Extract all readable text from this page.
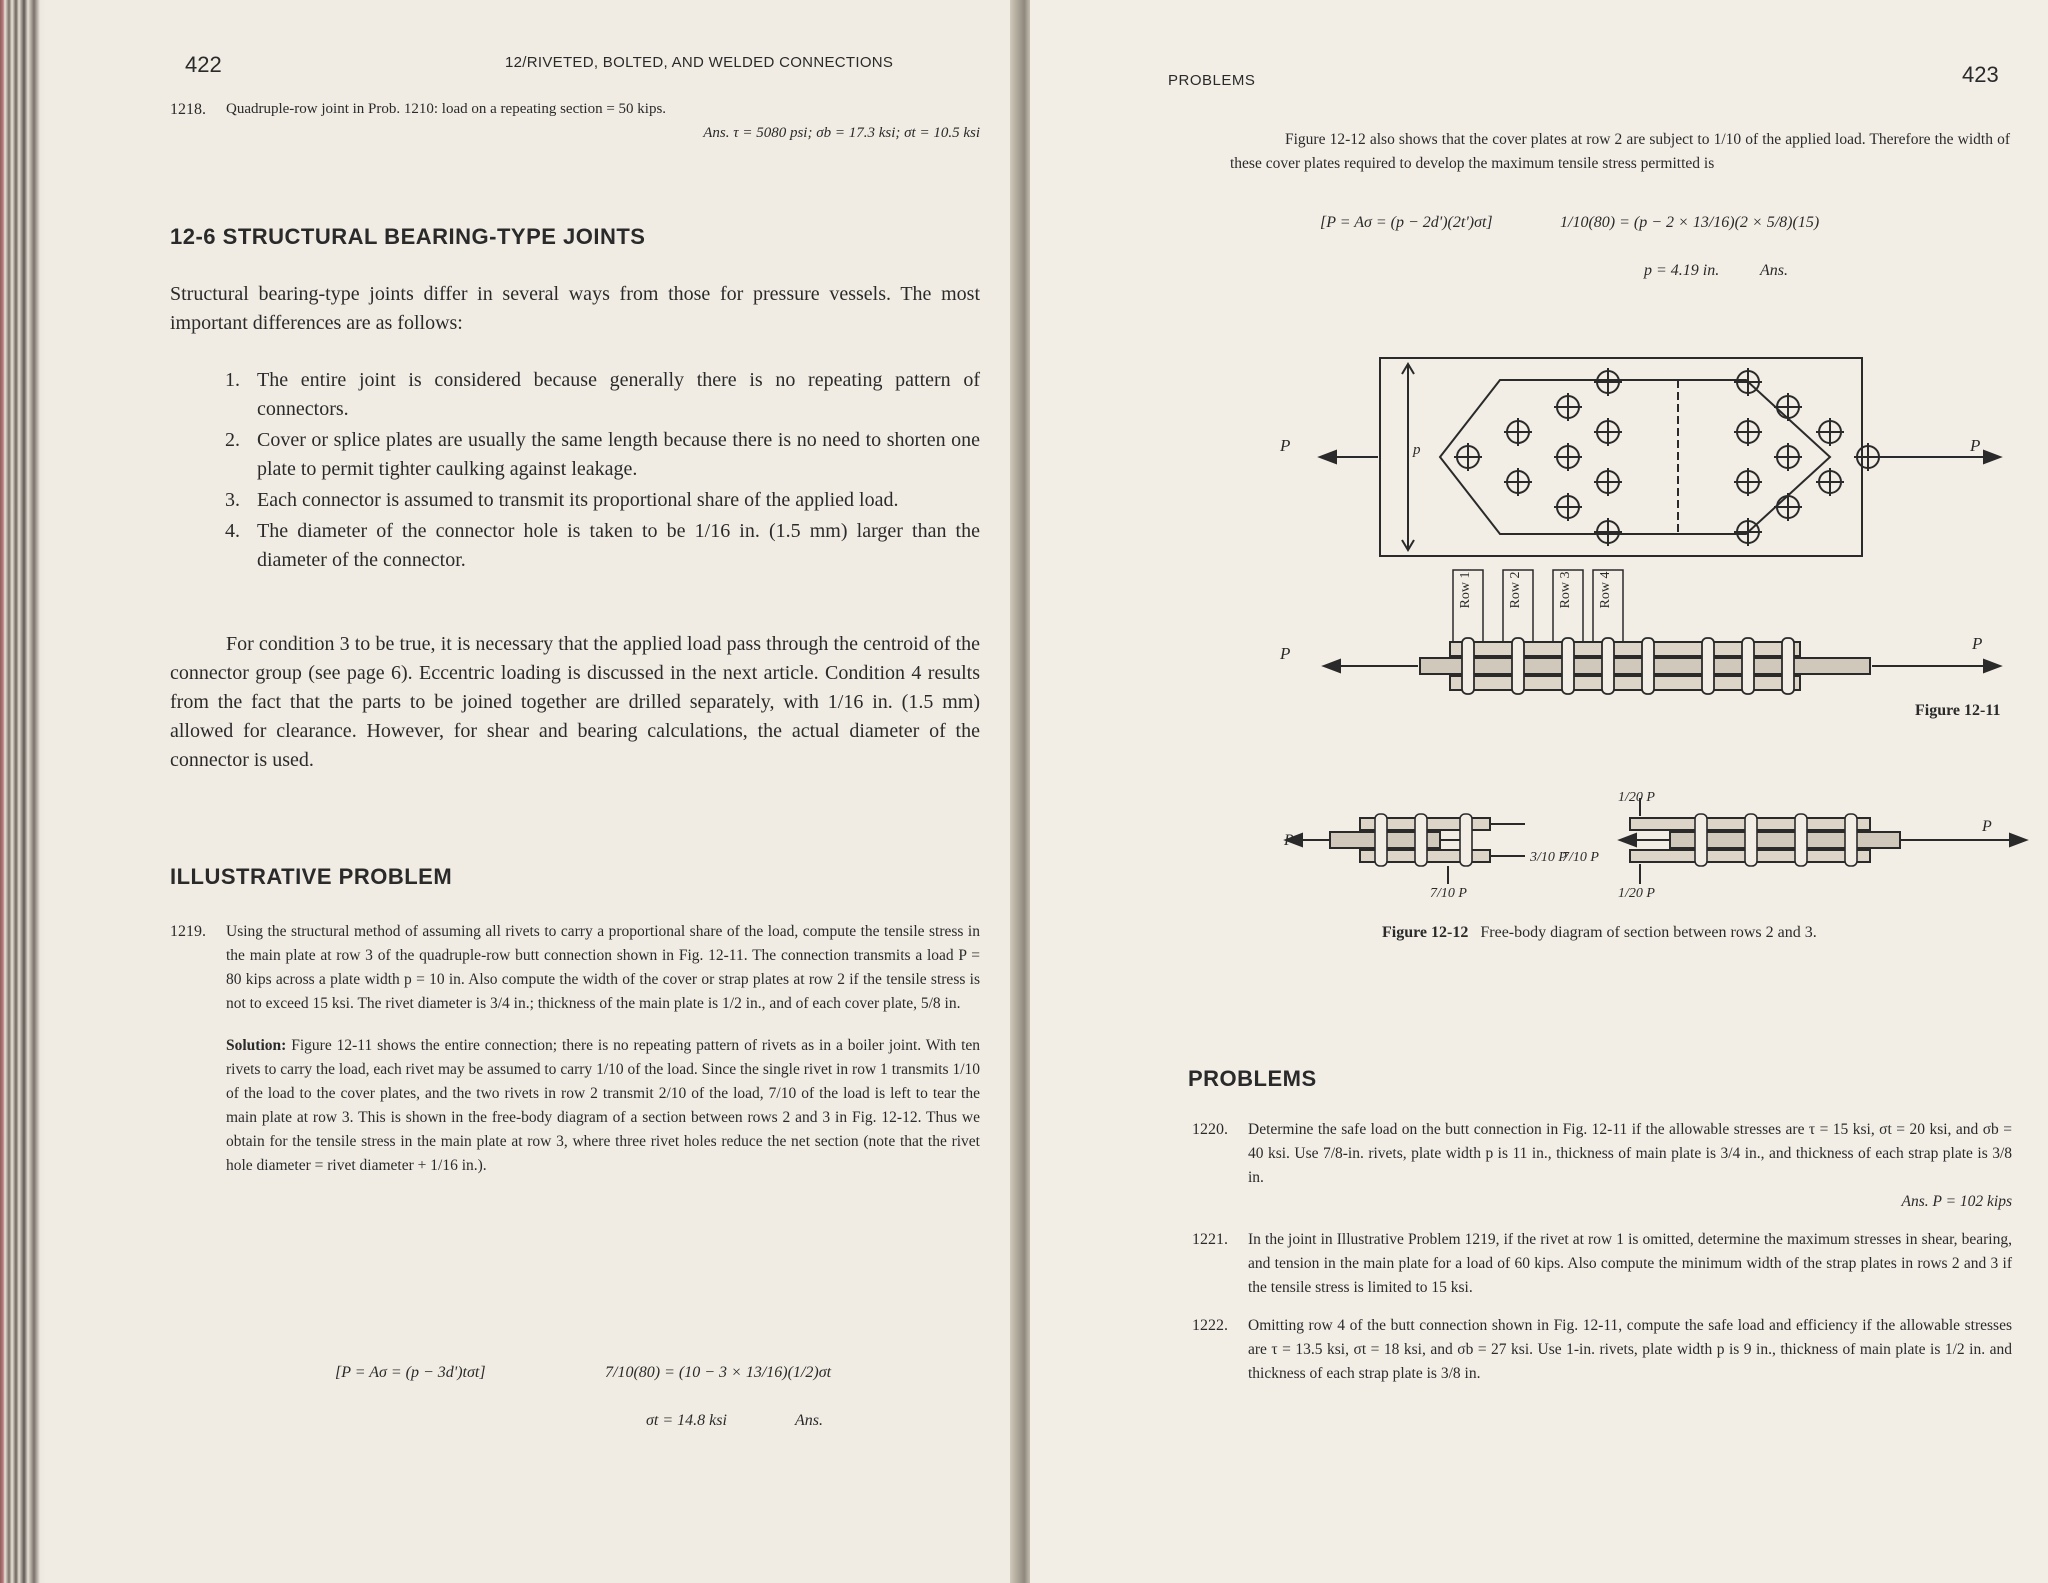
422	12/RIVETED, BOLTED, AND WELDED CONNECTIONS
1218.	Quadruple-row joint in Prob. 1210: load on a repeating section = 50 kips.
Ans. τ = 5080 psi; σb = 17.3 ksi; σt = 10.5 ksi
12-6 STRUCTURAL BEARING-TYPE JOINTS
Structural bearing-type joints differ in several ways from those for pressure vessels. The most important differences are as follows:
1. The entire joint is considered because generally there is no repeating pattern of connectors.
2. Cover or splice plates are usually the same length because there is no need to shorten one plate to permit tighter caulking against leakage.
3. Each connector is assumed to transmit its proportional share of the applied load.
4. The diameter of the connector hole is taken to be 1/16 in. (1.5 mm) larger than the diameter of the connector.
For condition 3 to be true, it is necessary that the applied load pass through the centroid of the connector group (see page 6). Eccentric loading is discussed in the next article. Condition 4 results from the fact that the parts to be joined together are drilled separately, with 1/16 in. (1.5 mm) allowed for clearance. However, for shear and bearing calculations, the actual diameter of the connector is used.
ILLUSTRATIVE PROBLEM
1219.	Using the structural method of assuming all rivets to carry a proportional share of the load, compute the tensile stress in the main plate at row 3 of the quadruple-row butt connection shown in Fig. 12-11. The connection transmits a load P = 80 kips across a plate width p = 10 in. Also compute the width of the cover or strap plates at row 2 if the tensile stress is not to exceed 15 ksi. The rivet diameter is 3/4 in.; thickness of the main plate is 1/2 in., and of each cover plate, 5/8 in.
Solution: Figure 12-11 shows the entire connection; there is no repeating pattern of rivets as in a boiler joint. With ten rivets to carry the load, each rivet may be assumed to carry 1/10 of the load. Since the single rivet in row 1 transmits 1/10 of the load to the cover plates, and the two rivets in row 2 transmit 2/10 of the load, 7/10 of the load is left to tear the main plate at row 3. This is shown in the free-body diagram of a section between rows 2 and 3 in Fig. 12-12. Thus we obtain for the tensile stress in the main plate at row 3, where three rivet holes reduce the net section (note that the rivet hole diameter = rivet diameter + 1/16 in.).
[P = Aσ = (p − 3d')tσt]	7/10(80) = (10 − 3 × 13/16)(1/2)σt
σt = 14.8 ksi	Ans.
PROBLEMS	423
Figure 12-12 also shows that the cover plates at row 2 are subject to 1/10 of the applied load. Therefore the width of these cover plates required to develop the maximum tensile stress permitted is
[P = Aσ = (p − 2d')(2t')σt]	1/10(80) = (p − 2 × 13/16)(2 × 5/8)(15)
p = 4.19 in.	Ans.
P	P
p
P
P
Row 1	Row 2	Row 3	Row 4
Figure 12-11
P
3/10 P
7/10 P
1/20 P
7/10 P
1/20 P
P
Figure 12-12 Free-body diagram of section between rows 2 and 3.
PROBLEMS
1220.	Determine the safe load on the butt connection in Fig. 12-11 if the allowable stresses are τ = 15 ksi, σt = 20 ksi, and σb = 40 ksi. Use 7/8-in. rivets, plate width p is 11 in., thickness of main plate is 3/4 in., and thickness of each strap plate is 3/8 in.
Ans. P = 102 kips
1221.	In the joint in Illustrative Problem 1219, if the rivet at row 1 is omitted, determine the maximum stresses in shear, bearing, and tension in the main plate for a load of 60 kips. Also compute the minimum width of the strap plates in rows 2 and 3 if the tensile stress is limited to 15 ksi.
1222.	Omitting row 4 of the butt connection shown in Fig. 12-11, compute the safe load and efficiency if the allowable stresses are τ = 13.5 ksi, σt = 18 ksi, and σb = 27 ksi. Use 1-in. rivets, plate width p is 9 in., thickness of main plate is 1/2 in. and thickness of each strap plate is 3/8 in.
